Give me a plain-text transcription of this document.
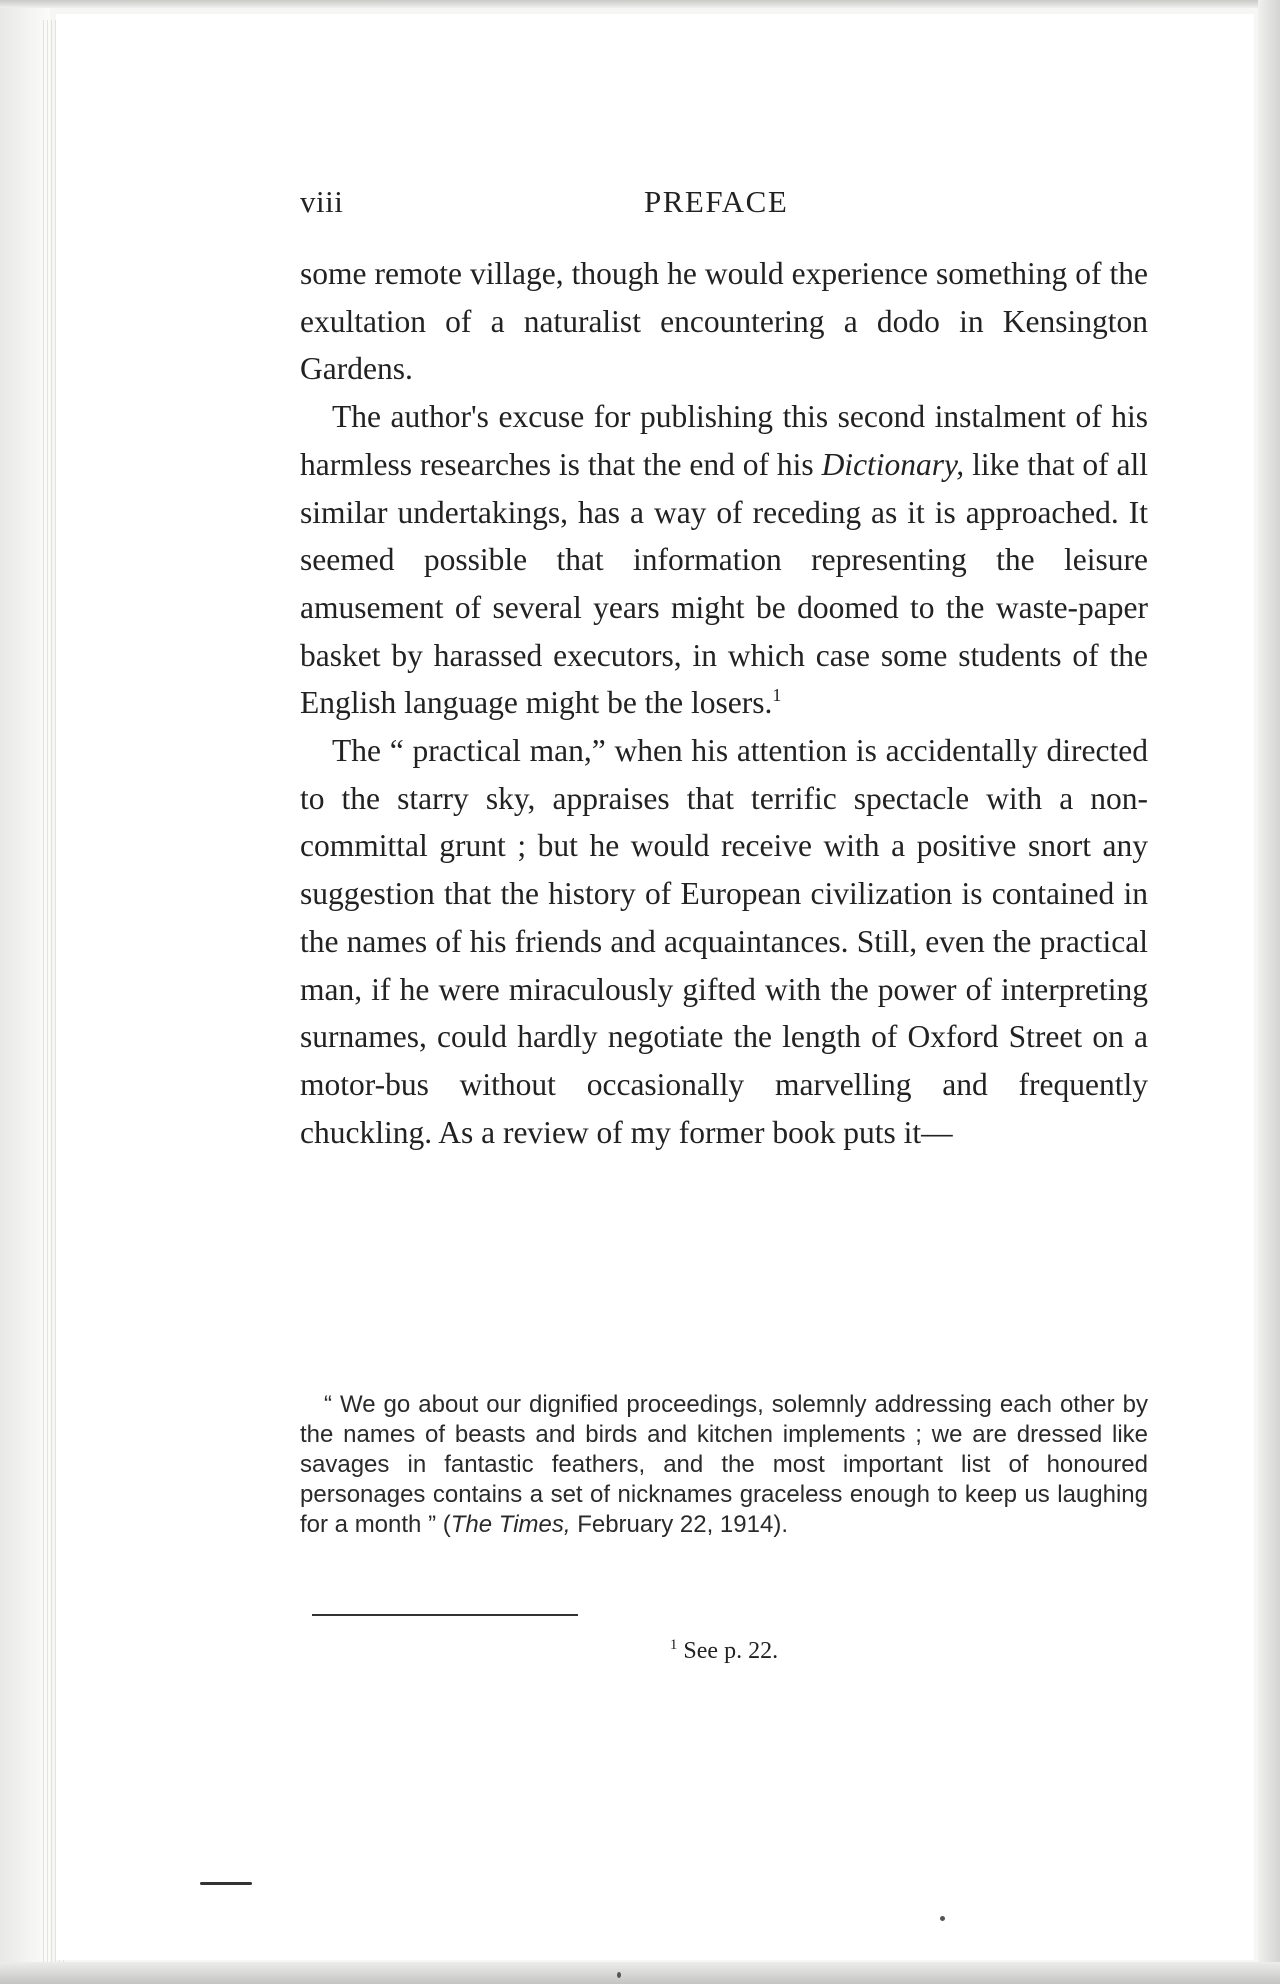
viii	PREFACE

some remote village, though he would experience something of the exultation of a naturalist encountering a dodo in Kensington Gardens.

The author's excuse for publishing this second instalment of his harmless researches is that the end of his Dictionary, like that of all similar undertakings, has a way of receding as it is approached. It seemed possible that information representing the leisure amusement of several years might be doomed to the waste-paper basket by harassed executors, in which case some students of the English language might be the losers.$^1$

The “ practical man,” when his attention is accidentally directed to the starry sky, appraises that terrific spectacle with a non-committal grunt ; but he would receive with a positive snort any suggestion that the history of European civilization is contained in the names of his friends and acquaintances. Still, even the practical man, if he were miraculously gifted with the power of interpreting surnames, could hardly negotiate the length of Oxford Street on a motor-bus without occasionally marvelling and frequently chuckling. As a review of my former book puts it—

“ We go about our dignified proceedings, solemnly addressing each other by the names of beasts and birds and kitchen implements ; we are dressed like savages in fantastic feathers, and the most important list of honoured personages contains a set of nicknames graceless enough to keep us laughing for a month ” (The Times, February 22, 1914).

$^1$ See p. 22.
